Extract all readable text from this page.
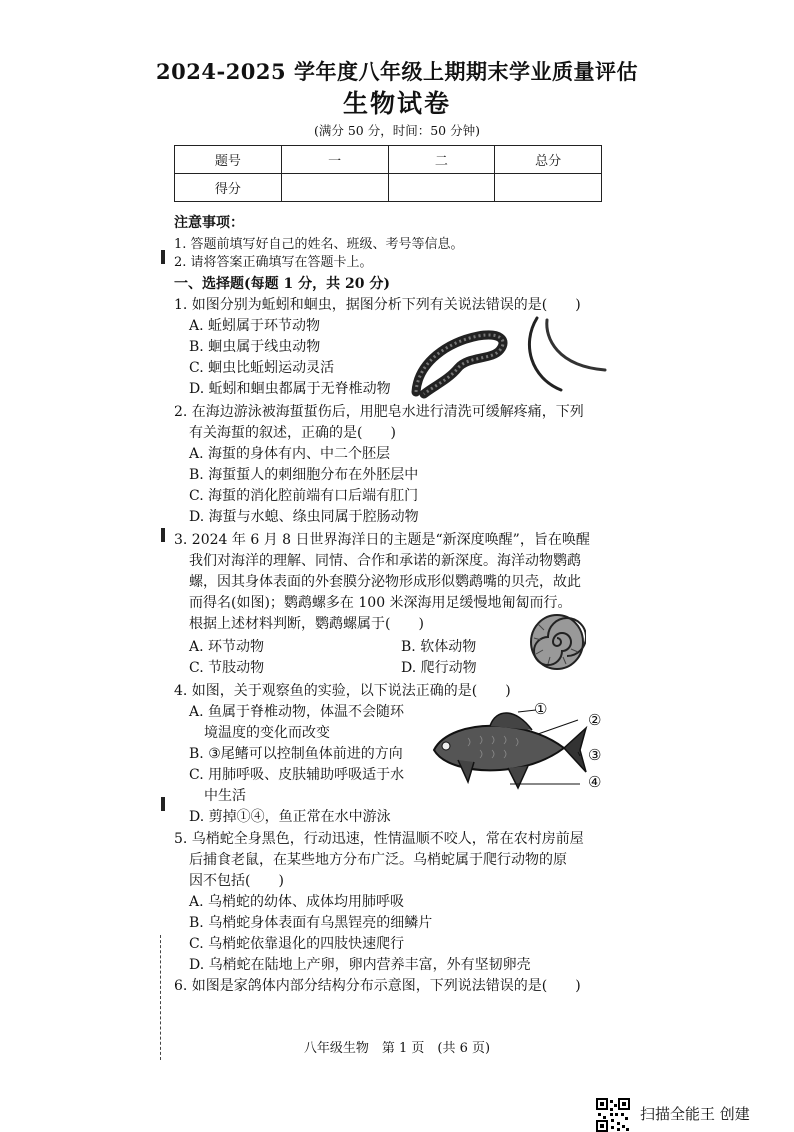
2024-2025 学年度八年级上期期末学业质量评估
生物试卷
(满分 50 分，时间：50 分钟)
题号	一	二	总分
得分			
注意事项：
1. 答题前填写好自己的姓名、班级、考号等信息。
2. 请将答案正确填写在答题卡上。
一、选择题(每题 1 分，共 20 分)
1. 如图分别为蚯蚓和蛔虫，据图分析下列有关说法错误的是(　　)
A. 蚯蚓属于环节动物
B. 蛔虫属于线虫动物
C. 蛔虫比蚯蚓运动灵活
D. 蚯蚓和蛔虫都属于无脊椎动物
2. 在海边游泳被海蜇蜇伤后，用肥皂水进行清洗可缓解疼痛，下列
有关海蜇的叙述，正确的是(　　)
A. 海蜇的身体有内、中二个胚层
B. 海蜇蜇人的刺细胞分布在外胚层中
C. 海蜇的消化腔前端有口后端有肛门
D. 海蜇与水螅、绦虫同属于腔肠动物
3. 2024 年 6 月 8 日世界海洋日的主题是“新深度唤醒”，旨在唤醒
我们对海洋的理解、同情、合作和承诺的新深度。海洋动物鹦鹉
螺，因其身体表面的外套膜分泌物形成形似鹦鹉嘴的贝壳，故此
而得名(如图)；鹦鹉螺多在 100 米深海用足缓慢地匍匐而行。
根据上述材料判断，鹦鹉螺属于(　　)
A. 环节动物	B. 软体动物
C. 节肢动物	D. 爬行动物
4. 如图，关于观察鱼的实验，以下说法正确的是(　　)
A. 鱼属于脊椎动物，体温不会随环
境温度的变化而改变
B. ③尾鳍可以控制鱼体前进的方向
C. 用肺呼吸、皮肤辅助呼吸适于水
中生活
D. 剪掉①④，鱼正常在水中游泳
①
②
③
④
5. 乌梢蛇全身黑色，行动迅速，性情温顺不咬人，常在农村房前屋
后捕食老鼠，在某些地方分布广泛。乌梢蛇属于爬行动物的原
因不包括(　　)
A. 乌梢蛇的幼体、成体均用肺呼吸
B. 乌梢蛇身体表面有乌黑锃亮的细鳞片
C. 乌梢蛇依靠退化的四肢快速爬行
D. 乌梢蛇在陆地上产卵，卵内营养丰富，外有坚韧卵壳
6. 如图是家鸽体内部分结构分布示意图，下列说法错误的是(　　)
八年级生物　第 1 页　(共 6 页)
扫描全能王 创建
